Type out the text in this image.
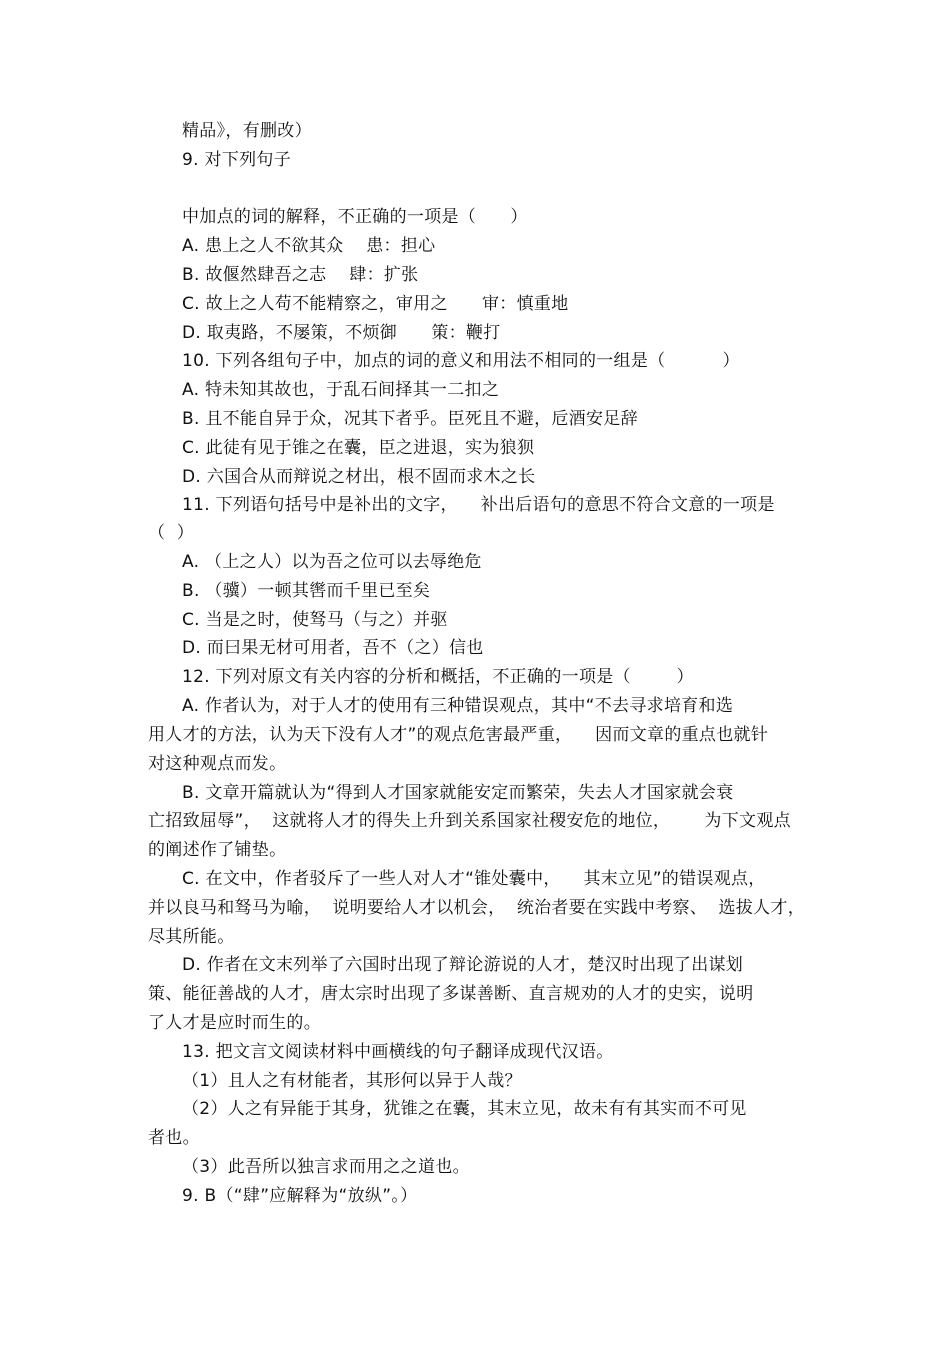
精品》，有删改）
9. 对下列句子
中加点的词的解释，不正确的一项是（      ）
A. 患上之人不欲其众    患：担心
B. 故偃然肆吾之志    肆：扩张
C. 故上之人苟不能精察之，审用之      审：慎重地
D. 取夷路，不屡策，不烦御      策：鞭打
10. 下列各组句子中，加点的词的意义和用法不相同的一组是（          ）
A. 特未知其故也，于乱石间择其一二扣之
B. 且不能自异于众，况其下者乎。臣死且不避，卮酒安足辞
C. 此徒有见于锥之在囊，臣之进退，实为狼狈
D. 六国合从而辩说之材出，根不固而求木之长
11. 下列语句括号中是补出的文字，    补出后语句的意思不符合文意的一项是
（  ）
A. （上之人）以为吾之位可以去辱绝危
B. （骥）一顿其辔而千里已至矣
C. 当是之时，使驽马（与之）并驱
D. 而曰果无材可用者，吾不（之）信也
12. 下列对原文有关内容的分析和概括，不正确的一项是（        ）
A. 作者认为，对于人才的使用有三种错误观点，其中“不去寻求培育和选
用人才的方法，认为天下没有人才”的观点危害最严重，    因而文章的重点也就针
对这种观点而发。
B. 文章开篇就认为“得到人才国家就能安定而繁荣，失去人才国家就会衰
亡招致屈辱”，  这就将人才的得失上升到关系国家社稷安危的地位，      为下文观点
的阐述作了铺垫。
C. 在文中，作者驳斥了一些人对人才“锥处囊中，    其末立见”的错误观点，
并以良马和驽马为喻，  说明要给人才以机会，  统治者要在实践中考察、  选拔人才，
尽其所能。
D. 作者在文末列举了六国时出现了辩论游说的人才，楚汉时出现了出谋划
策、能征善战的人才，唐太宗时出现了多谋善断、直言规劝的人才的史实，说明
了人才是应时而生的。
13. 把文言文阅读材料中画横线的句子翻译成现代汉语。
（1）且人之有材能者，其形何以异于人哉？
（2）人之有异能于其身，犹锥之在囊，其末立见，故未有有其实而不可见
者也。
（3）此吾所以独言求而用之之道也。
9. B（“肆”应解释为“放纵”。）
